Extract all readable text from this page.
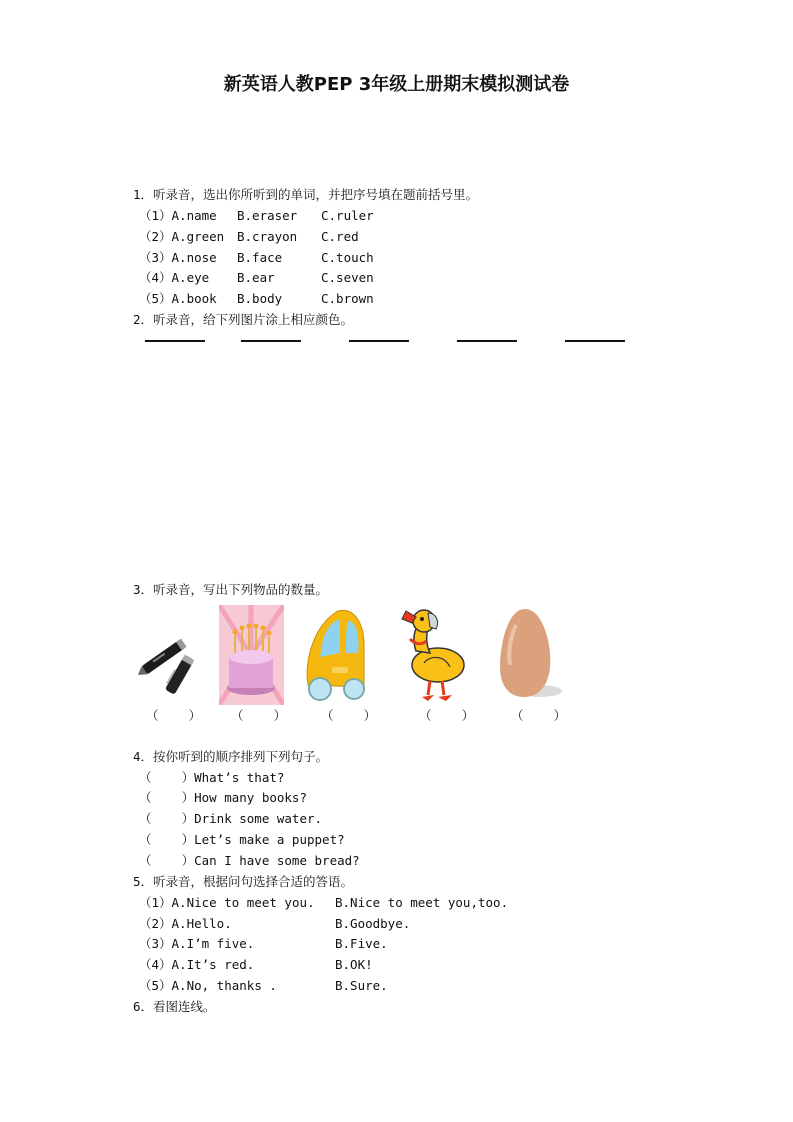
新英语人教PEP 3年级上册期末模拟测试卷
1．听录音，选出你所听到的单词，并把序号填在题前括号里。
（1）A.name B.eraser C.ruler
（2）A.green B.crayon C.red
（3）A.nose B.face	C.touch
（4）A.eye B.ear	C.seven
（5）A.book B.body	C.brown
2．听录音，给下列图片涂上相应颜色。
3．听录音，写出下列物品的数量。
（    ） （    ）	（    ）	（    ）	（    ）
4．按你听到的顺序排列下列句子。
（    ）What’s that?
（    ）How many books?
（    ）Drink some water.
（    ）Let’s make a puppet?
（    ）Can I have some bread?
5．听录音，根据问句选择合适的答语。
（1）A.Nice to meet you. B.Nice to meet you,too.
（2）A.Hello.	B.Goodbye.
（3）A.I’m five.	B.Five.
（4）A.It’s red.	B.OK!
（5）A.No, thanks .	B.Sure.
6．看图连线。
